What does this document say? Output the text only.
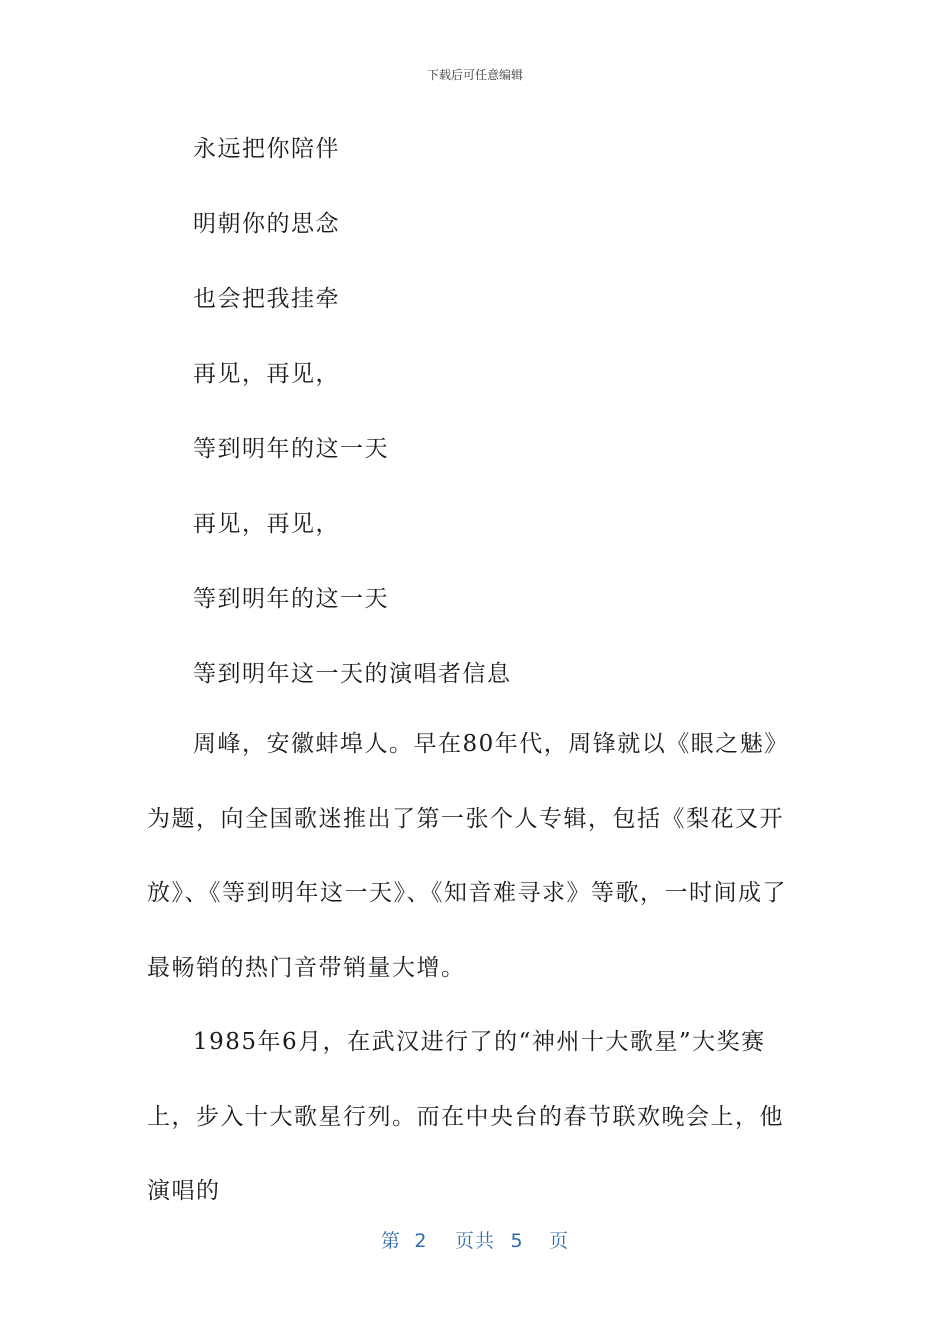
下载后可任意编辑
永远把你陪伴
明朝你的思念
也会把我挂牵
再见，再见，
等到明年的这一天
再见，再见，
等到明年的这一天
等到明年这一天的演唱者信息
周峰，安徽蚌埠人。早在80年代，周锋就以《眼之魅》为题，向全国歌迷推出了第一张个人专辑，包括《梨花又开放》、《等到明年这一天》、《知音难寻求》等歌，一时间成了最畅销的热门音带销量大增。
1985年6月，在武汉进行了的“神州十大歌星”大奖赛上，步入十大歌星行列。而在中央台的春节联欢晚会上，他演唱的
第 2 页共 5 页
